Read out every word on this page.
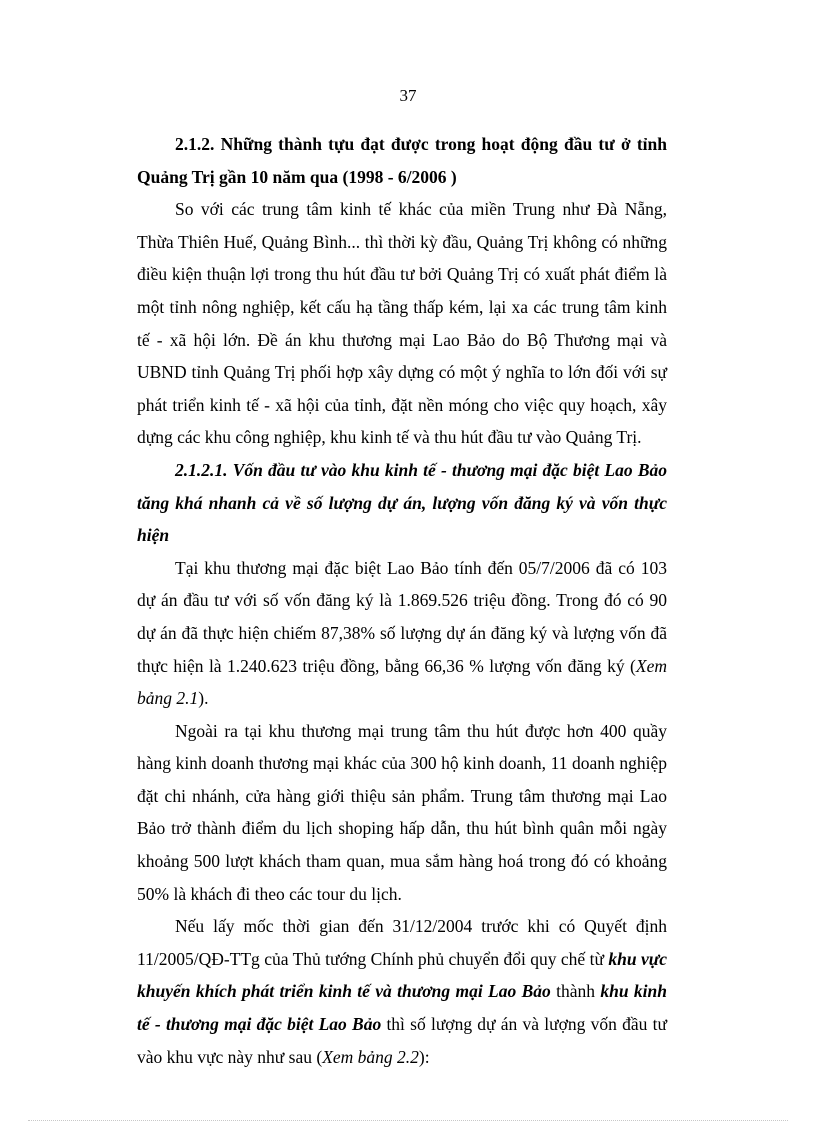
37

2.1.2. Những thành tựu đạt được trong hoạt động đầu tư ở tỉnh Quảng Trị gần 10 năm qua (1998 - 6/2006 )

So với các trung tâm kinh tế khác của miền Trung như Đà Nẵng, Thừa Thiên Huế, Quảng Bình... thì thời kỳ đầu, Quảng Trị không có những điều kiện thuận lợi trong thu hút đầu tư bởi Quảng Trị có xuất phát điểm là một tỉnh nông nghiệp, kết cấu hạ tầng thấp kém, lại xa các trung tâm kinh tế - xã hội lớn. Đề án khu thương mại Lao Bảo do Bộ Thương mại và UBND tỉnh Quảng Trị phối hợp xây dựng có một ý nghĩa to lớn đối với sự phát triển kinh tế - xã hội của tỉnh, đặt nền móng cho việc quy hoạch, xây dựng các khu công nghiệp, khu kinh tế và thu hút đầu tư vào Quảng Trị.

2.1.2.1. Vốn đầu tư vào khu kinh tế - thương mại đặc biệt Lao Bảo tăng khá nhanh cả về số lượng dự án, lượng vốn đăng ký và vốn thực hiện

Tại khu thương mại đặc biệt Lao Bảo tính đến 05/7/2006 đã có 103 dự án đầu tư với số vốn đăng ký là 1.869.526 triệu đồng. Trong đó có 90 dự án đã thực hiện chiếm 87,38% số lượng dự án đăng ký và lượng vốn đã thực hiện là 1.240.623 triệu đồng, bằng 66,36 % lượng vốn đăng ký (Xem bảng 2.1).

Ngoài ra tại khu thương mại trung tâm thu hút được hơn 400 quầy hàng kinh doanh thương mại khác của 300 hộ kinh doanh, 11 doanh nghiệp đặt chi nhánh, cửa hàng giới thiệu sản phẩm. Trung tâm thương mại Lao Bảo trở thành điểm du lịch shoping hấp dẫn, thu hút bình quân mỗi ngày khoảng 500 lượt khách tham quan, mua sắm hàng hoá trong đó có khoảng 50% là khách đi theo các tour du lịch.

Nếu lấy mốc thời gian đến 31/12/2004 trước khi có Quyết định 11/2005/QĐ-TTg của Thủ tướng Chính phủ chuyển đổi quy chế từ khu vực khuyến khích phát triển kinh tế và thương mại Lao Bảo thành khu kinh tế - thương mại đặc biệt Lao Bảo thì số lượng dự án và lượng vốn đầu tư vào khu vực này như sau (Xem bảng 2.2):
